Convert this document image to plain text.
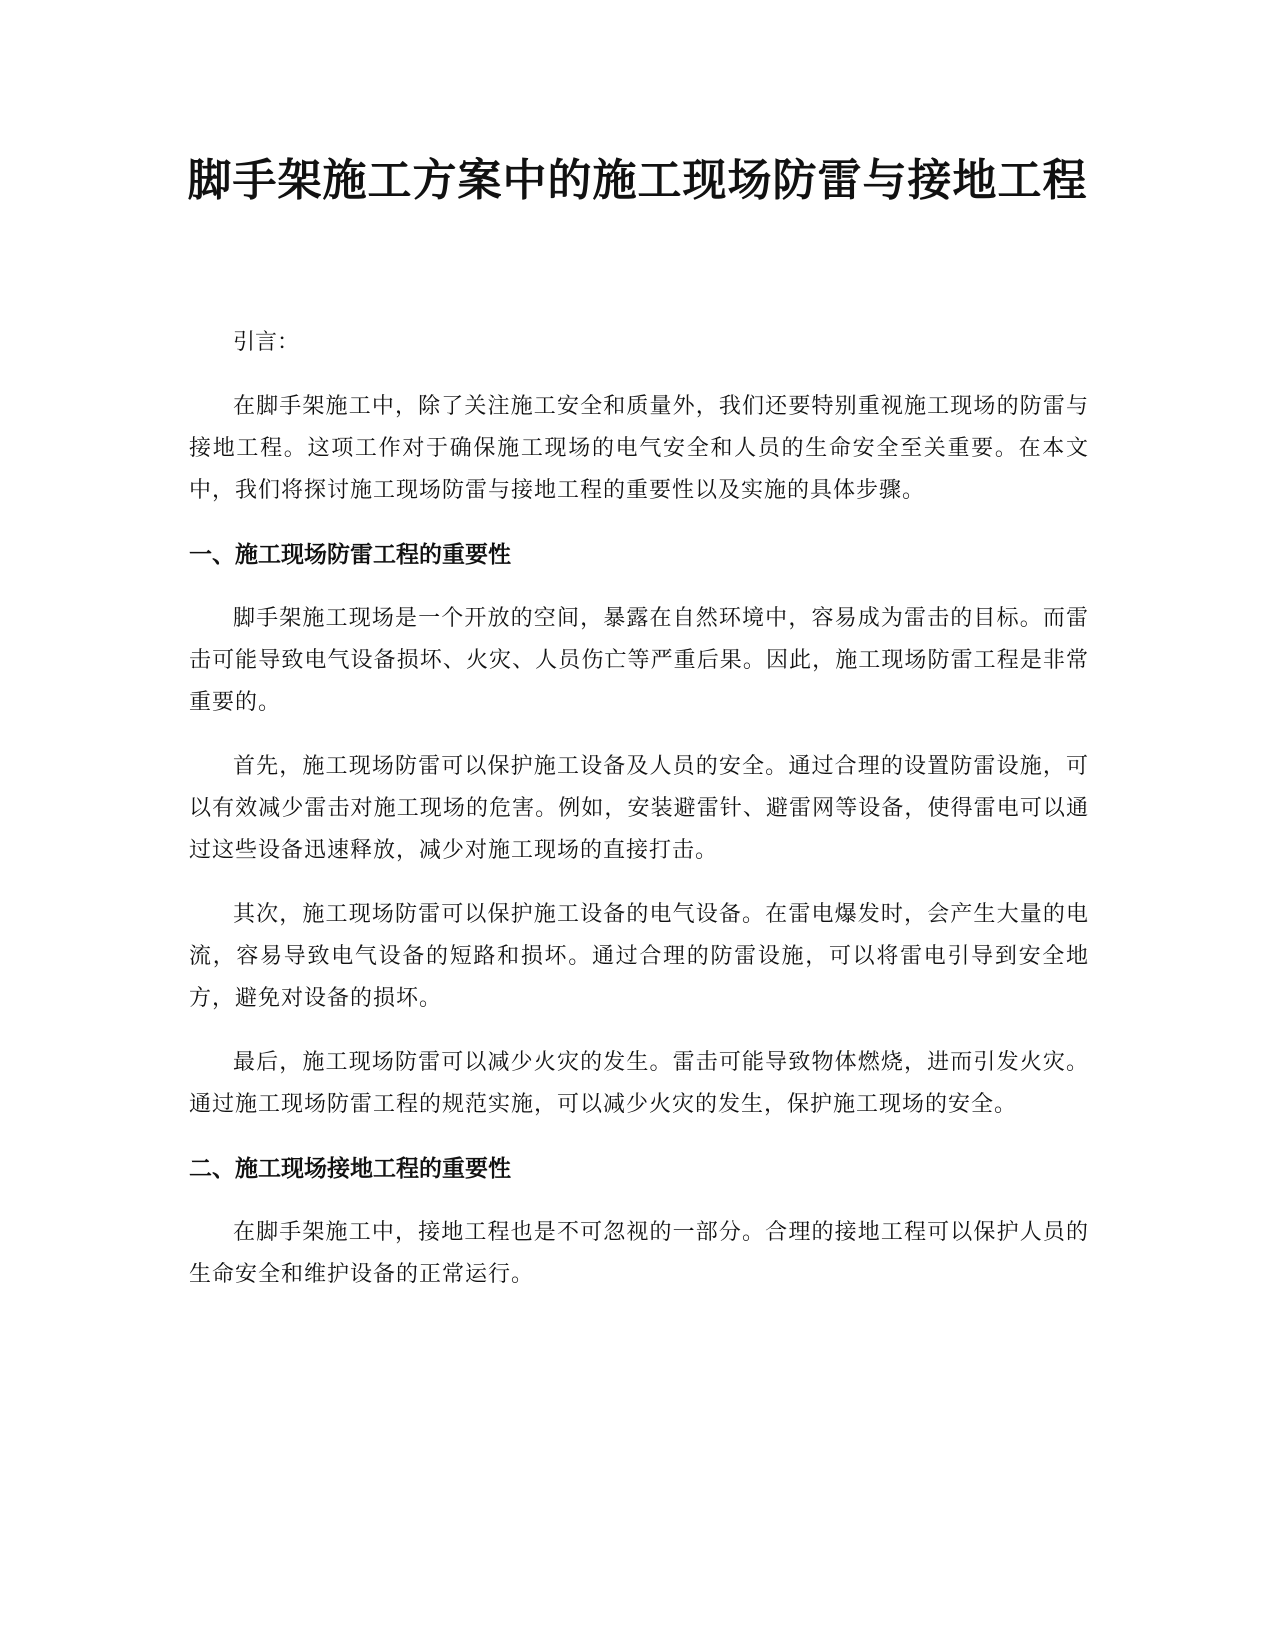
脚手架施工方案中的施工现场防雷与接地工程

引言：

在脚手架施工中，除了关注施工安全和质量外，我们还要特别重视施工现场的防雷与接地工程。这项工作对于确保施工现场的电气安全和人员的生命安全至关重要。在本文中，我们将探讨施工现场防雷与接地工程的重要性以及实施的具体步骤。

一、施工现场防雷工程的重要性

脚手架施工现场是一个开放的空间，暴露在自然环境中，容易成为雷击的目标。而雷击可能导致电气设备损坏、火灾、人员伤亡等严重后果。因此，施工现场防雷工程是非常重要的。

首先，施工现场防雷可以保护施工设备及人员的安全。通过合理的设置防雷设施，可以有效减少雷击对施工现场的危害。例如，安装避雷针、避雷网等设备，使得雷电可以通过这些设备迅速释放，减少对施工现场的直接打击。

其次，施工现场防雷可以保护施工设备的电气设备。在雷电爆发时，会产生大量的电流，容易导致电气设备的短路和损坏。通过合理的防雷设施，可以将雷电引导到安全地方，避免对设备的损坏。

最后，施工现场防雷可以减少火灾的发生。雷击可能导致物体燃烧，进而引发火灾。通过施工现场防雷工程的规范实施，可以减少火灾的发生，保护施工现场的安全。

二、施工现场接地工程的重要性

在脚手架施工中，接地工程也是不可忽视的一部分。合理的接地工程可以保护人员的生命安全和维护设备的正常运行。
